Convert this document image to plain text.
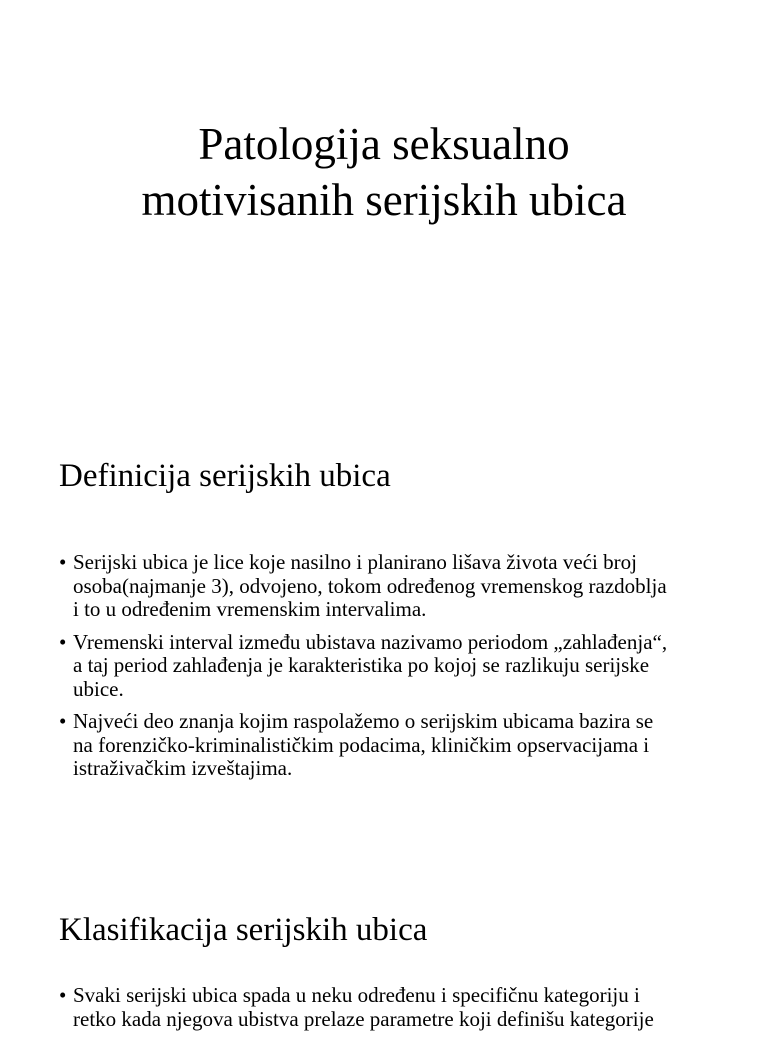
Patologija seksualno
motivisanih serijskih ubica
Definicija serijskih ubica
• Serijski ubica je lice koje nasilno i planirano lišava života veći broj
osoba(najmanje 3), odvojeno, tokom određenog vremenskog razdoblja
i to u određenim vremenskim intervalima.
• Vremenski interval između ubistava nazivamo periodom „zahlađenja“,
a taj period zahlađenja je karakteristika po kojoj se razlikuju serijske
ubice.
• Najveći deo znanja kojim raspolažemo o serijskim ubicama bazira se
na forenzičko-kriminalističkim podacima, kliničkim opservacijama i
istraživačkim izveštajima.
Klasifikacija serijskih ubica
• Svaki serijski ubica spada u neku određenu i specifičnu kategoriju i
retko kada njegova ubistva prelaze parametre koji definišu kategorije
